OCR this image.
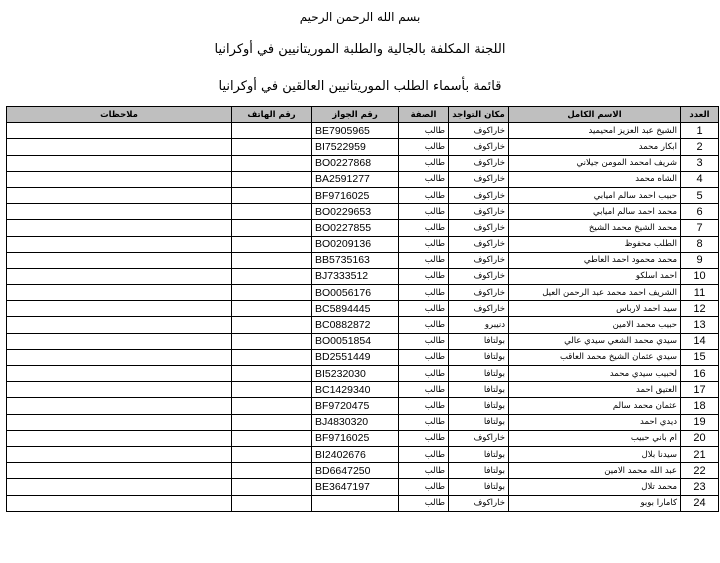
بسم الله الرحمن الرحيم
اللجنة المكلفة بالجالية والطلبة الموريتانيين في أوكرانيا
قائمة بأسماء الطلب الموريتانيين العالقين في أوكرانيا
العدد	الاسم الكامل	مكان التواجد	الصفة	رقم الجواز	رقم الهاتف	ملاحظات
1	الشيخ عبد العزيز امحيميد	خاراكوف	طالب	BE7905965		
2	ابكار محمد	خاراكوف	طالب	BI7522959		
3	شريف امحمد المومن جيلاني	خاراكوف	طالب	BO0227868		
4	الشاه محمد	خاراكوف	طالب	BA2591277		
5	حبيب احمد سالم اميابي	خاراكوف	طالب	BF9716025		
6	محمد احمد سالم اميابي	خاراكوف	طالب	BO0229653		
7	محمد الشيخ محمد الشيخ	خاراكوف	طالب	BO0227855		
8	الطلب محفوظ	خاراكوف	طالب	BO0209136		
9	محمد محمود احمد العاطي	خاراكوف	طالب	BB5735163		
10	احمد اسلكو	خاراكوف	طالب	BJ7333512		
11	الشريف احمد محمد عبد الرحمن العيل	خاراكوف	طالب	BO0056176		
12	سيد احمد لارباس	خاراكوف	طالب	BC5894445		
13	حبيب محمد الامين	دنيبرو	طالب	BC0882872		
14	سيدي محمد الشعي سيدي عالي	بولتافا	طالب	BO0051854		
15	سيدي عثمان الشيخ محمد العاقب	بولتافا	طالب	BD2551449		
16	لحبيب سيدي محمد	بولتافا	طالب	BI5232030		
17	العتيق احمد	بولتافا	طالب	BC1429340		
18	عثمان محمد سالم	بولتافا	طالب	BF9720475		
19	ديدي احمد	بولتافا	طالب	BJ4830320		
20	ام باني حبيب	خاراكوف	طالب	BF9716025		
21	سيدنا بلال	بولتافا	طالب	BI2402676		
22	عبد الله محمد الامين	بولتافا	طالب	BD6647250		
23	محمد تلال	بولتافا	طالب	BE3647197		
24	كامارا بوبو	خاراكوف	طالب			
